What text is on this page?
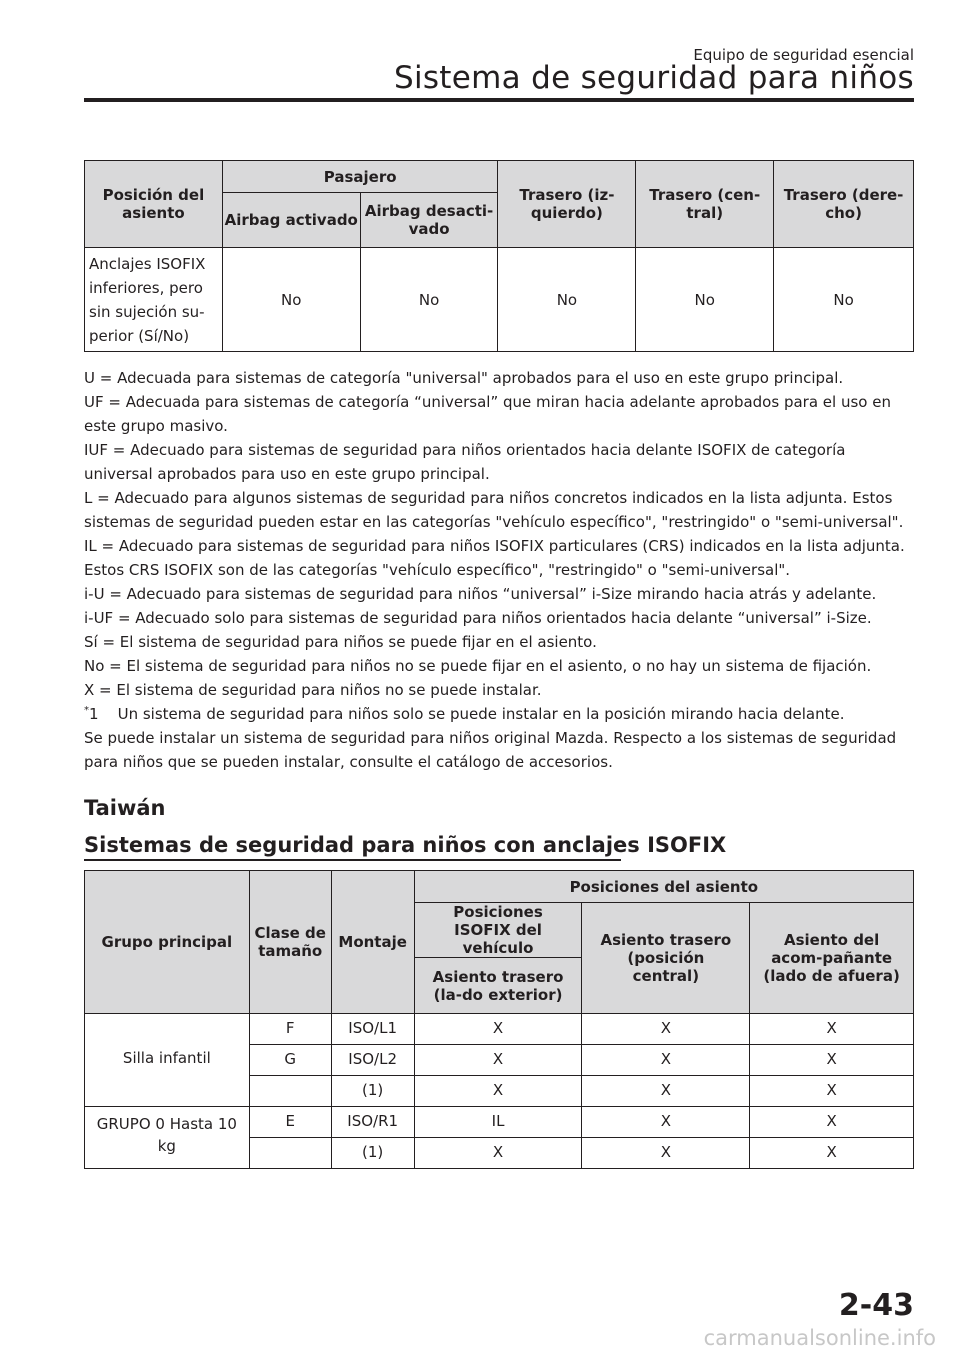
Equipo de seguridad esencial
Sistema de seguridad para niños
Posición del asiento	Pasajero		Trasero (iz-quierdo)	Trasero (cen-tral)	Trasero (dere-cho)
	Airbag activado	Airbag desacti-vado			

Anclajes ISOFIX
inferiores, pero
sin sujeción su-
perior (Sí/No)	No	No	No	No	No

U = Adecuada para sistemas de categoría "universal" aprobados para el uso en este grupo principal.

UF = Adecuada para sistemas de categoría “universal” que miran hacia adelante aprobados para el uso en este grupo masivo.

IUF = Adecuado para sistemas de seguridad para niños orientados hacia delante ISOFIX de categoría universal aprobados para uso en este grupo principal.

L = Adecuado para algunos sistemas de seguridad para niños concretos indicados en la lista adjunta. Estos sistemas de seguridad pueden estar en las categorías "vehículo específico", "restringido" o "semi-universal".

IL = Adecuado para sistemas de seguridad para niños ISOFIX particulares (CRS) indicados en la lista adjunta. Estos CRS ISOFIX son de las categorías "vehículo específico", "restringido" o "semi-universal".

i-U = Adecuado para sistemas de seguridad para niños “universal” i-Size mirando hacia atrás y adelante.

i-UF = Adecuado solo para sistemas de seguridad para niños orientados hacia delante “universal” i-Size.

Sí = El sistema de seguridad para niños se puede fijar en el asiento.

No = El sistema de seguridad para niños no se puede fijar en el asiento, o no hay un sistema de fijación.

X = El sistema de seguridad para niños no se puede instalar.

*1    Un sistema de seguridad para niños solo se puede instalar en la posición mirando hacia delante.

Se puede instalar un sistema de seguridad para niños original Mazda. Respecto a los sistemas de seguridad para niños que se pueden instalar, consulte el catálogo de accesorios.

Taiwán
Sistemas de seguridad para niños con anclajes ISOFIX
Grupo principal	Clase de tamaño	Montaje	Posiciones del asiento		
			Posiciones ISOFIX del vehículo	Asiento trasero (posición central)	Asiento del acom-pañante (lado de afuera)
			Asiento trasero (la-do exterior)		
Silla infantil	F	ISO/L1	X	X	X
	G	ISO/L2	X	X	X
		(1)	X	X	X
GRUPO 0 Hasta 10 kg	E	ISO/R1	IL	X	X
		(1)	X	X	X
2-43
carmanualsonline.info
